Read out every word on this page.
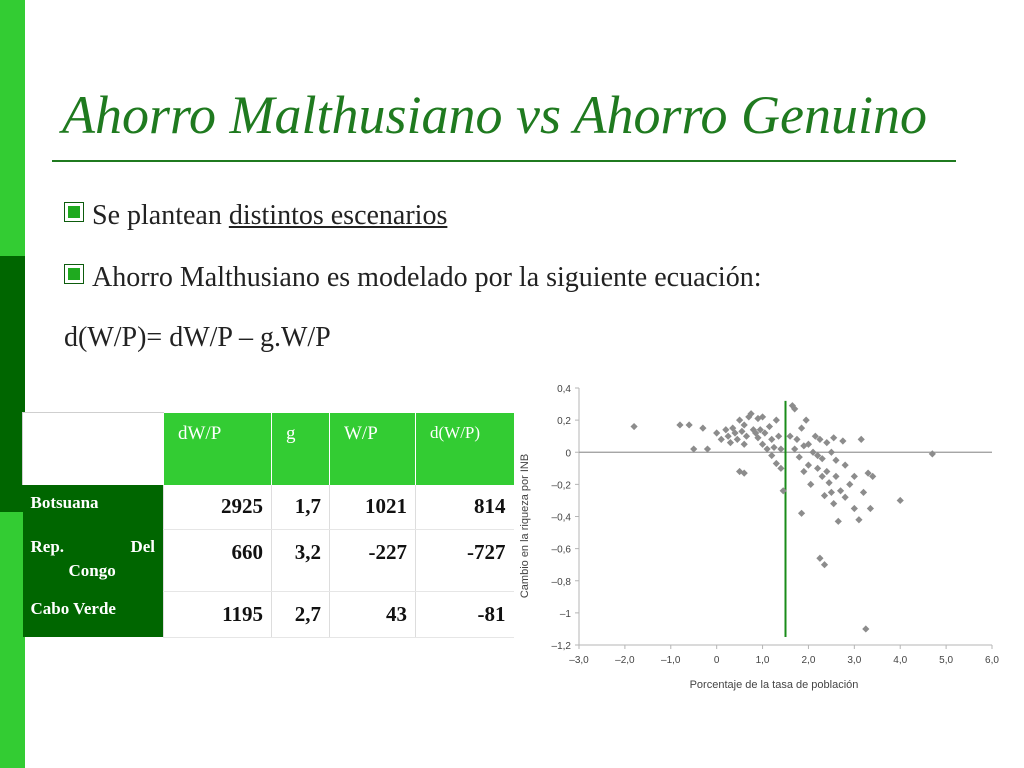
Ahorro Malthusiano vs Ahorro Genuino
Se plantean distintos escenarios
Ahorro Malthusiano es modelado por la siguiente ecuación:
d(W/P)= dW/P – g.W/P
	dW/P	g	W/P	d(W/P)
Botsuana	2925	1,7	1021	814

Rep. Del
Congo	660	3,2	-227	-727
Cabo Verde	1195	2,7	43	-81
0,4
0,2
0
–0,2
–0,4
–0,6
–0,8
–1
–1,2
–3,0	–2,0	–1,0	0	1,0	2,0	3,0	4,0	5,0	6,0
Porcentaje de la tasa de población
Cambio en la riqueza por INB
